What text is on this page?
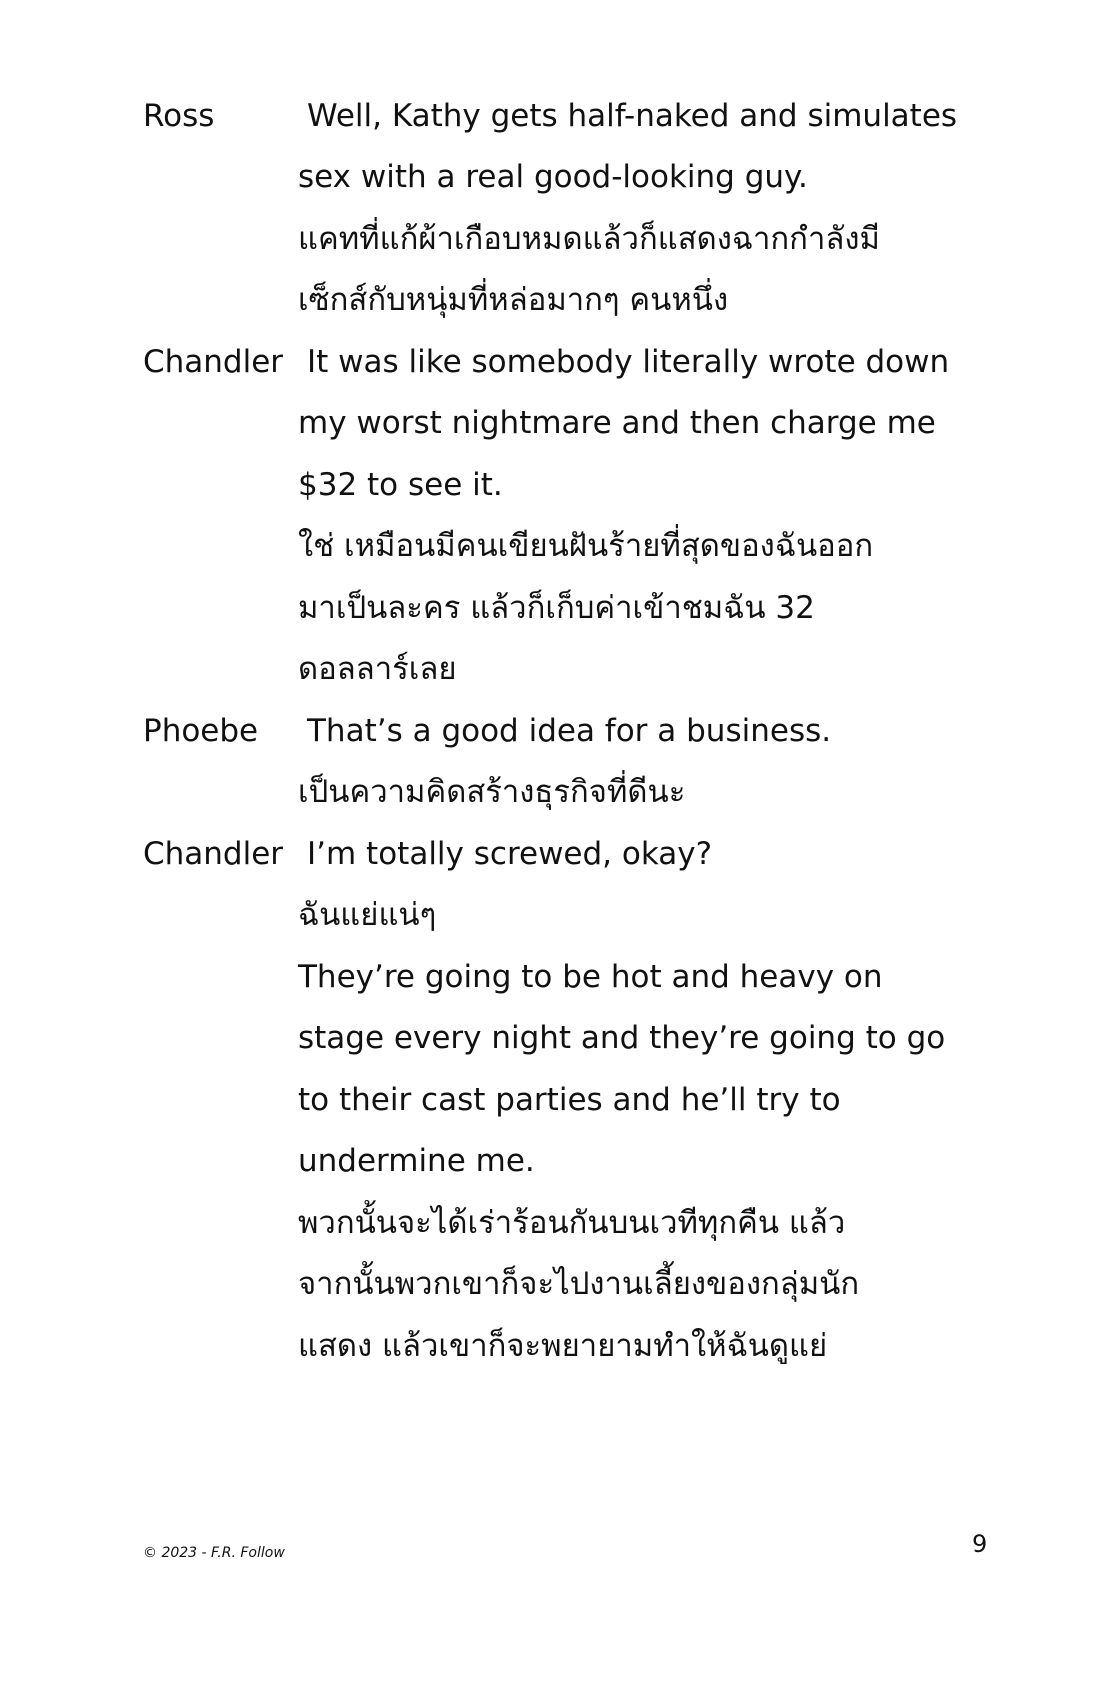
Ross	Well, Kathy gets half-naked and simulates
sex with a real good-looking guy.
แคทที่แก้ผ้าเกือบหมดแล้วก็แสดงฉากกำลังมี
เซ็กส์กับหนุ่มที่หล่อมากๆ คนหนึ่ง
Chandler It was like somebody literally wrote down
my worst nightmare and then charge me
$32 to see it.
ใช่ เหมือนมีคนเขียนฝันร้ายที่สุดของฉันออก
มาเป็นละคร แล้วก็เก็บค่าเข้าชมฉัน 32
ดอลลาร์เลย
Phoebe That’s a good idea for a business.
เป็นความคิดสร้างธุรกิจที่ดีนะ
Chandler I’m totally screwed, okay?
ฉันแย่แน่ๆ
They’re going to be hot and heavy on
stage every night and they’re going to go
to their cast parties and he’ll try to
undermine me.
พวกนั้นจะได้เร่าร้อนกันบนเวทีทุกคืน แล้ว
จากนั้นพวกเขาก็จะไปงานเลี้ยงของกลุ่มนัก
แสดง แล้วเขาก็จะพยายามทำให้ฉันดูแย่
© 2023 - F.R. Follow	9
